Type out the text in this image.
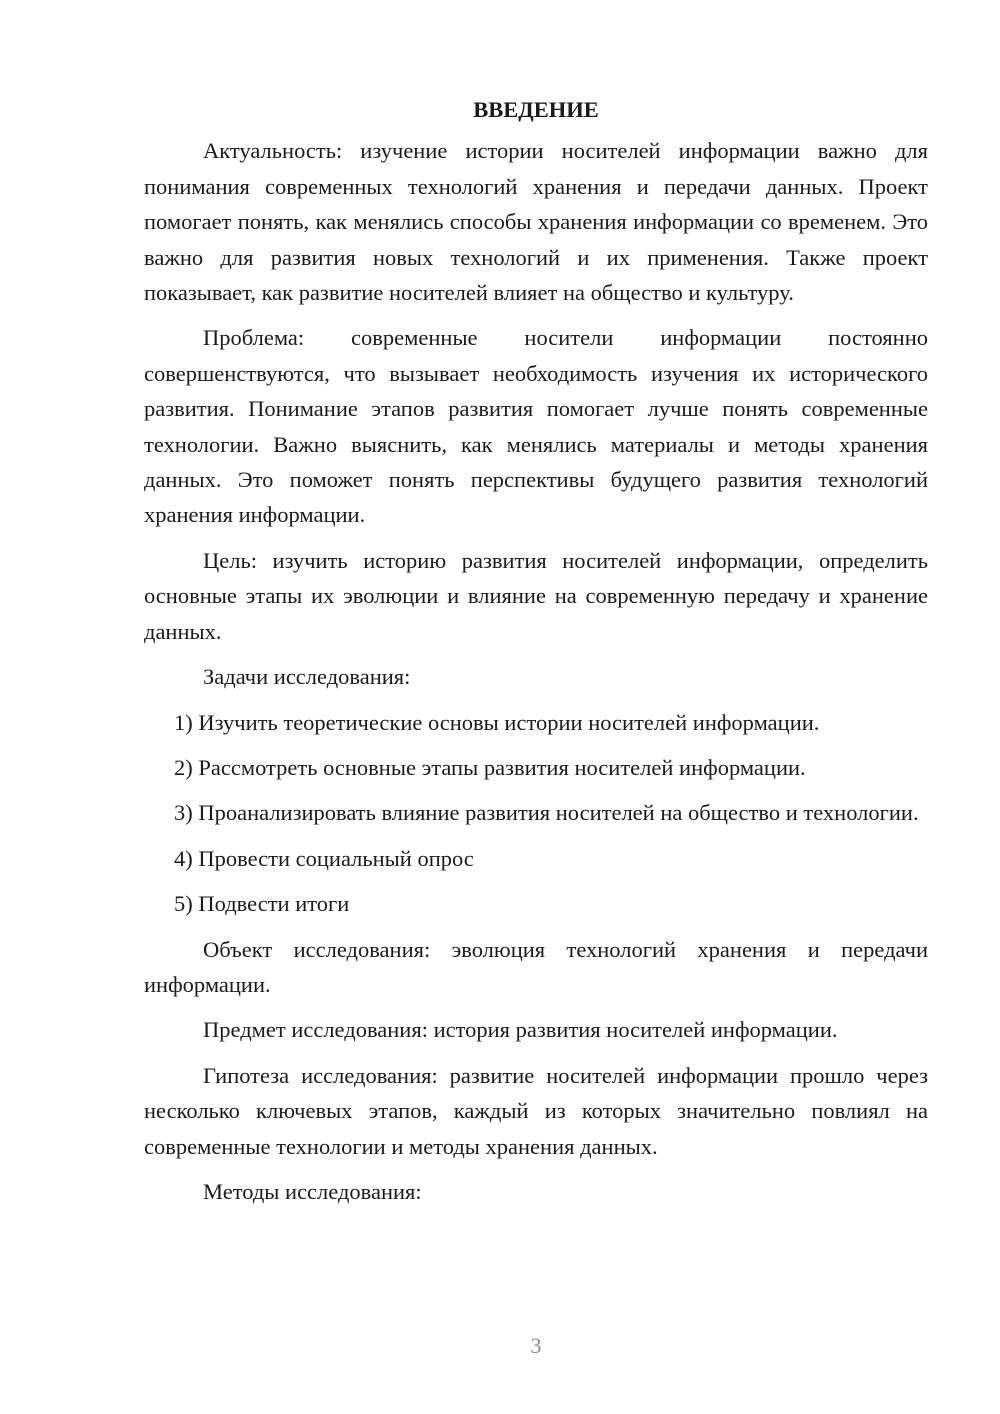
ВВЕДЕНИЕ

Актуальность: изучение истории носителей информации важно для понимания современных технологий хранения и передачи данных. Проект помогает понять, как менялись способы хранения информации со временем. Это важно для развития новых технологий и их применения. Также проект показывает, как развитие носителей влияет на общество и культуру.

Проблема: современные носители информации постоянно совершенствуются, что вызывает необходимость изучения их исторического развития. Понимание этапов развития помогает лучше понять современные технологии. Важно выяснить, как менялись материалы и методы хранения данных. Это поможет понять перспективы будущего развития технологий хранения информации.

Цель: изучить историю развития носителей информации, определить основные этапы их эволюции и влияние на современную передачу и хранение данных.

Задачи исследования:

1) Изучить теоретические основы истории носителей информации.

2) Рассмотреть основные этапы развития носителей информации.

3) Проанализировать влияние развития носителей на общество и технологии.

4) Провести социальный опрос

5) Подвести итоги

Объект исследования: эволюция технологий хранения и передачи информации.

Предмет исследования: история развития носителей информации.

Гипотеза исследования: развитие носителей информации прошло через несколько ключевых этапов, каждый из которых значительно повлиял на современные технологии и методы хранения данных.

Методы исследования:

3
